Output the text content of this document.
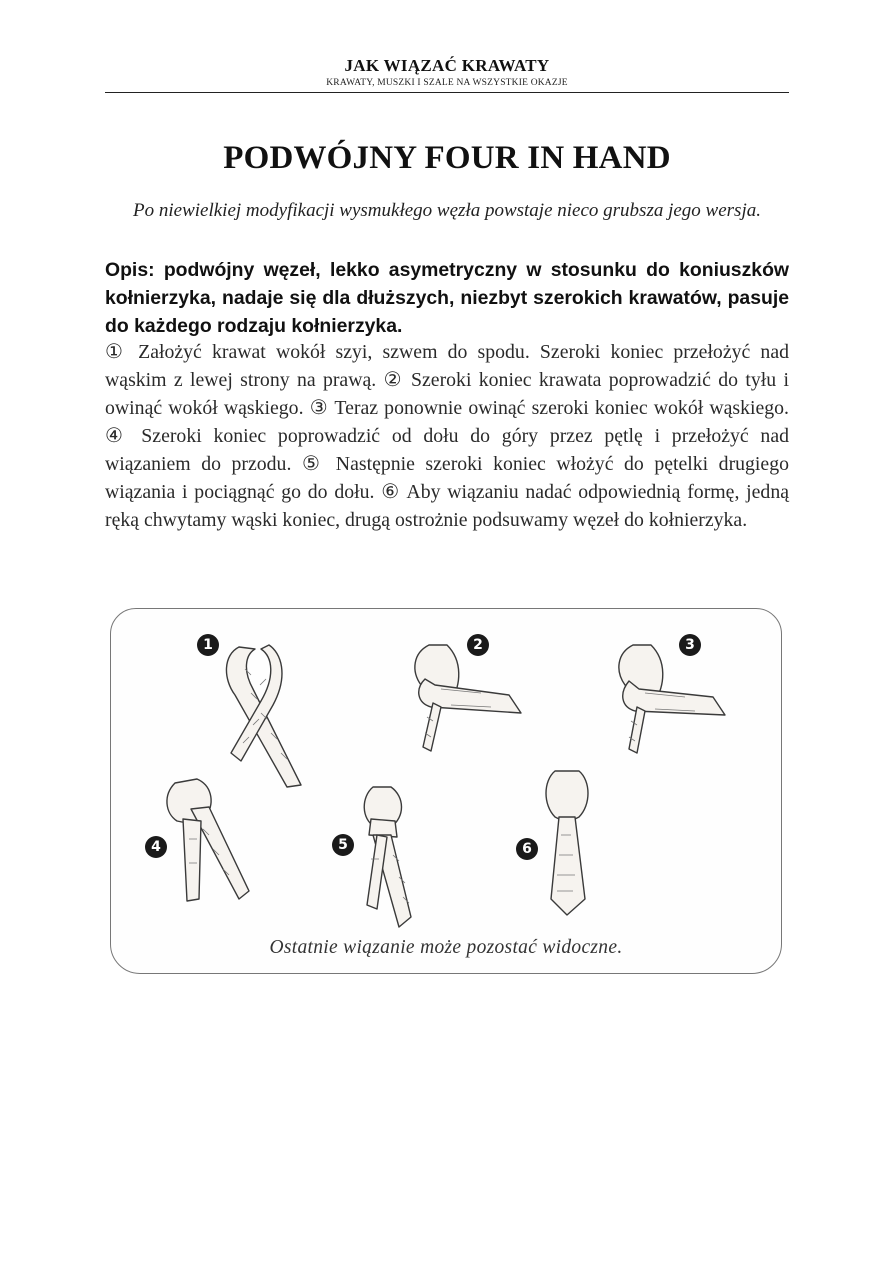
JAK WIĄZAĆ KRAWATY
KRAWATY, MUSZKI I SZALE NA WSZYSTKIE OKAZJE
PODWÓJNY FOUR IN HAND
Po niewielkiej modyfikacji wysmukłego węzła powstaje nieco grubsza jego wersja.
Opis: podwójny węzeł, lekko asymetryczny w stosunku do koniuszków kołnierzyka, nadaje się dla dłuższych, niezbyt szerokich krawatów, pasuje do każdego rodzaju kołnierzyka.
① Założyć krawat wokół szyi, szwem do spodu. Szeroki koniec przełożyć nad wąskim z lewej strony na prawą. ② Szeroki koniec krawata poprowadzić do tyłu i owinąć wokół wąskiego. ③ Teraz ponownie owinąć szeroki koniec wokół wąskiego. ④ Szeroki koniec poprowadzić od dołu do góry przez pętlę i przełożyć nad wiązaniem do przodu. ⑤ Następnie szeroki koniec włożyć do pętelki drugiego wiązania i pociągnąć go do dołu. ⑥ Aby wiązaniu nadać odpowiednią formę, jedną ręką chwytamy wąski koniec, drugą ostrożnie podsuwamy węzeł do kołnierzyka.
1	2	3
4	5	6
Ostatnie wiązanie może pozostać widoczne.
